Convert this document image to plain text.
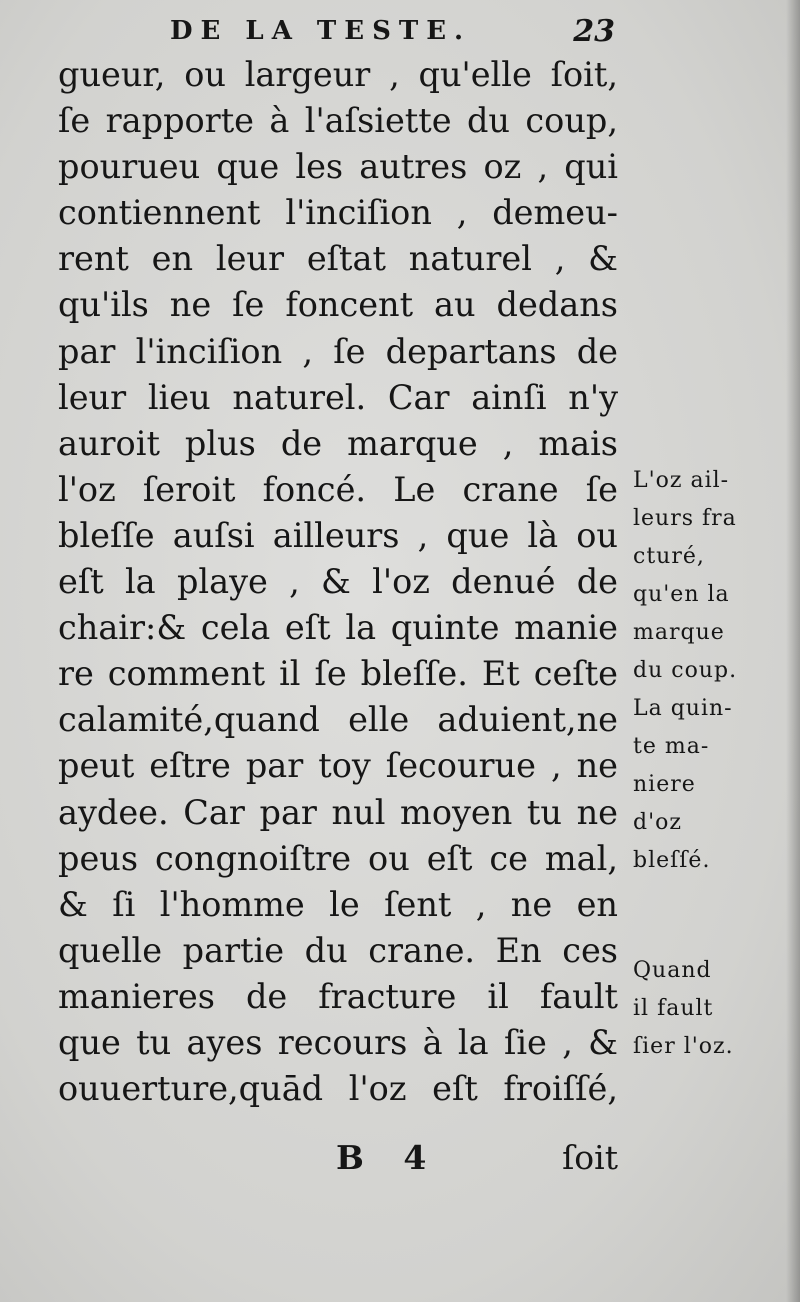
DE LA TESTE.	23
gueur, ou largeur , qu'elle ſoit,
ſe rapporte à l'aſsiette du coup,
pourueu que les autres oz , qui
contiennent l'inciſion , demeu-
rent en leur eſtat naturel , &
qu'ils ne ſe foncent au dedans
par l'inciſion , ſe departans de
leur lieu naturel. Car ainſi n'y
auroit plus de marque , mais
l'oz ſeroit foncé. Le crane ſe
bleſſe auſsi ailleurs , que là ou
eſt la playe , & l'oz denué de
chair:& cela eſt la quinte manie
re comment il ſe bleſſe. Et ceſte
calamité,quand elle aduient,ne
peut eſtre par toy ſecourue , ne
aydee. Car par nul moyen tu ne
peus congnoiſtre ou eſt ce mal,
& ſi l'homme le ſent , ne en
quelle partie du crane. En ces
manieres de fracture il fault
que tu ayes recours à la ſie , &
ouuerture,quād l'oz eſt froiſſé,
L'oz ail-
leurs fra
cturé,
qu'en la
marque
du coup.
La quin-
te ma-
niere
d'oz
bleſſé.
Quand
il fault
ſier l'oz.
B 4	ſoit
